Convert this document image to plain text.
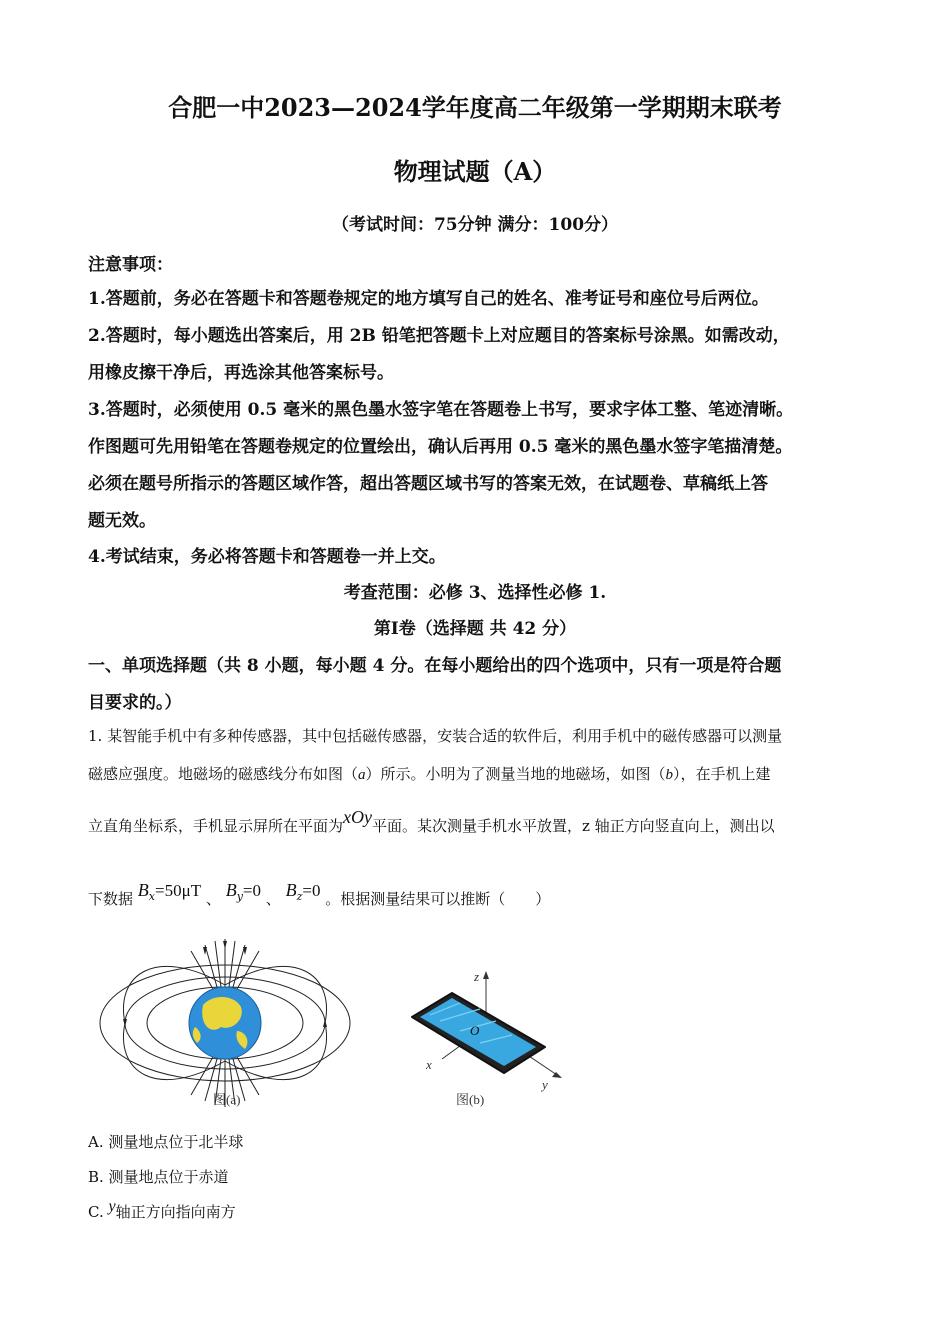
合肥一中2023—2024学年度高二年级第一学期期末联考
物理试题（A）
（考试时间：75分钟 满分：100分）
注意事项：
1.答题前，务必在答题卡和答题卷规定的地方填写自己的姓名、准考证号和座位号后两位。
2.答题时，每小题选出答案后，用 2B 铅笔把答题卡上对应题目的答案标号涂黑。如需改动，
用橡皮擦干净后，再选涂其他答案标号。
3.答题时，必须使用 0.5 毫米的黑色墨水签字笔在答题卷上书写，要求字体工整、笔迹清晰。
作图题可先用铅笔在答题卷规定的位置绘出，确认后再用 0.5 毫米的黑色墨水签字笔描清楚。
必须在题号所指示的答题区域作答，超出答题区域书写的答案无效，在试题卷、草稿纸上答
题无效。
4.考试结束，务必将答题卡和答题卷一并上交。
考查范围：必修 3、选择性必修 1.
第Ⅰ卷（选择题 共 42 分）
一、单项选择题（共 8 小题，每小题 4 分。在每小题给出的四个选项中，只有一项是符合题
目要求的。）
1. 某智能手机中有多种传感器，其中包括磁传感器，安装合适的软件后，利用手机中的磁传感器可以测量
磁感应强度。地磁场的磁感线分布如图（a）所示。小明为了测量当地的地磁场，如图（b），在手机上建
立直角坐标系，手机显示屏所在平面为xOy平面。某次测量手机水平放置，z 轴正方向竖直向上，测出以
下数据 $B_x=50\mu T$ 、 $B_y=0$ 、 $B_z=0$ 。根据测量结果可以推断（　　）
图(a)
z
O
x
y
图(b)
A. 测量地点位于北半球
B. 测量地点位于赤道
C. y轴正方向指向南方
